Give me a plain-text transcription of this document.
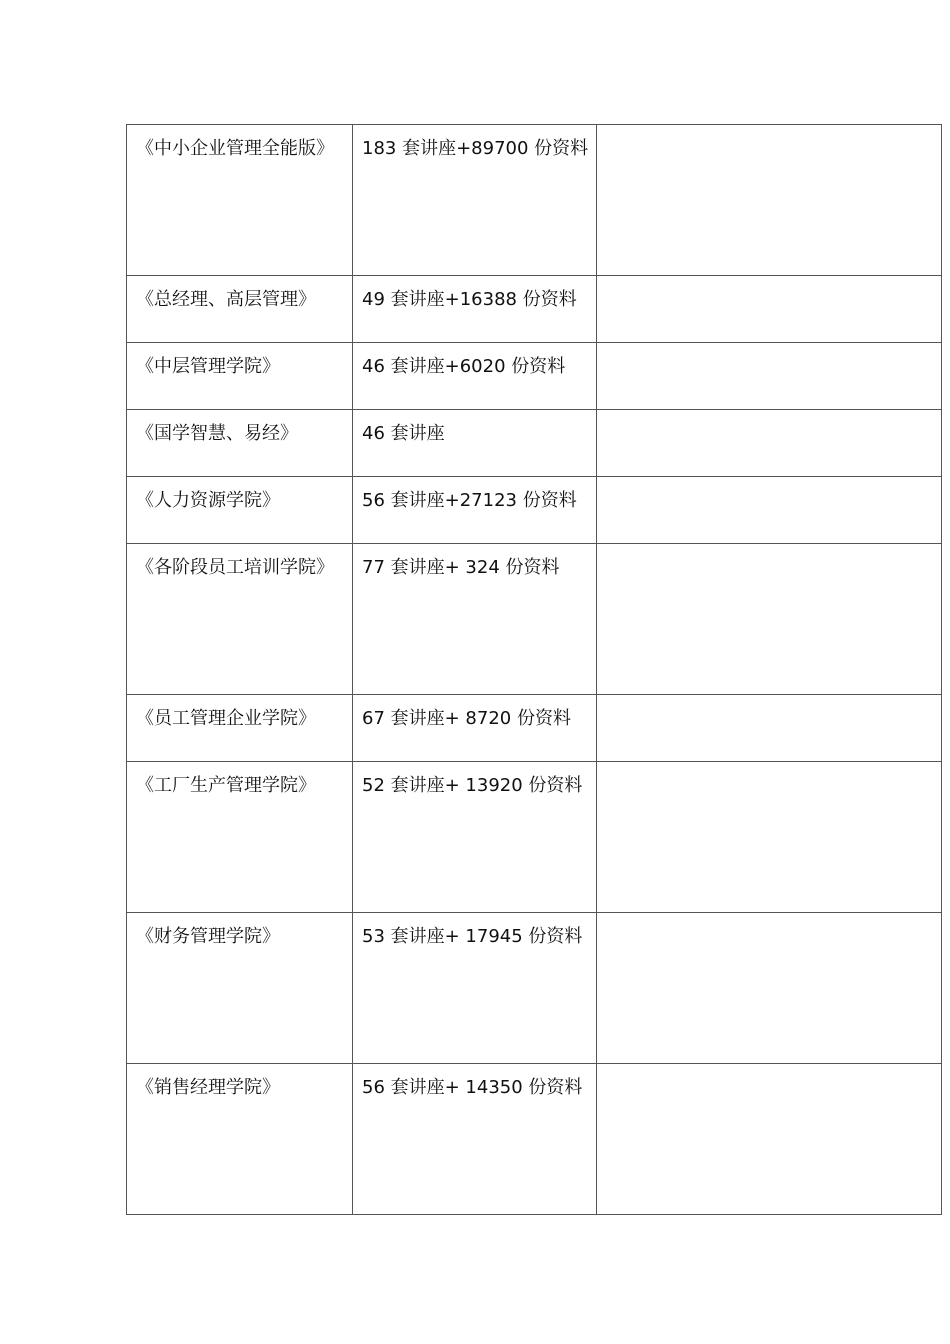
《中小企业管理全能版》	183 套讲座+89700 份资料	

《总经理、高层管理》	49 套讲座+16388 份资料	

《中层管理学院》	46 套讲座+6020 份资料	

《国学智慧、易经》	46 套讲座	

《人力资源学院》	56 套讲座+27123 份资料	

《各阶段员工培训学院》	77 套讲座+ 324 份资料	

《员工管理企业学院》	67 套讲座+ 8720 份资料	

《工厂生产管理学院》	52 套讲座+ 13920 份资料	

《财务管理学院》	53 套讲座+ 17945 份资料	

《销售经理学院》	56 套讲座+ 14350 份资料	
